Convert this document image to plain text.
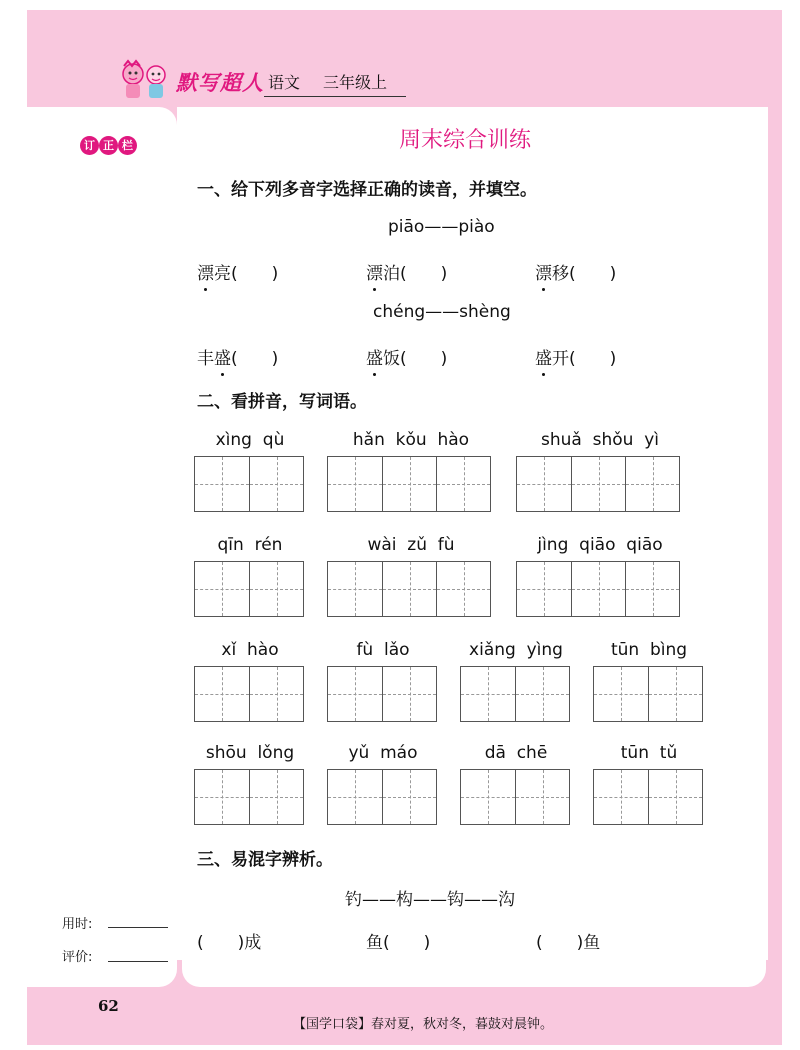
默写超人 语文 三年级上
订 正 栏
用时:
评价:
周末综合训练
一、给下列多音字选择正确的读音，并填空。
piāo——piào
漂亮(　　)	漂泊(　　)	漂移(　　)
chéng——shèng
丰盛(　　)	盛饭(　　)	盛开(　　)
二、看拼音，写词语。
xìng  qù	hǎn  kǒu  hào	shuǎ  shǒu  yì
qīn  rén	wài  zǔ  fù	jìng  qiāo  qiāo
xǐ  hào	fù  lǎo	xiǎng  yìng	tūn  bìng
shōu  lǒng	yǔ  máo	dā  chē	tūn  tǔ
三、易混字辨析。
钓——构——钩——沟
(　　)成	鱼(　　)	(　　)鱼
62
【国学口袋】春对夏，秋对冬，暮鼓对晨钟。
